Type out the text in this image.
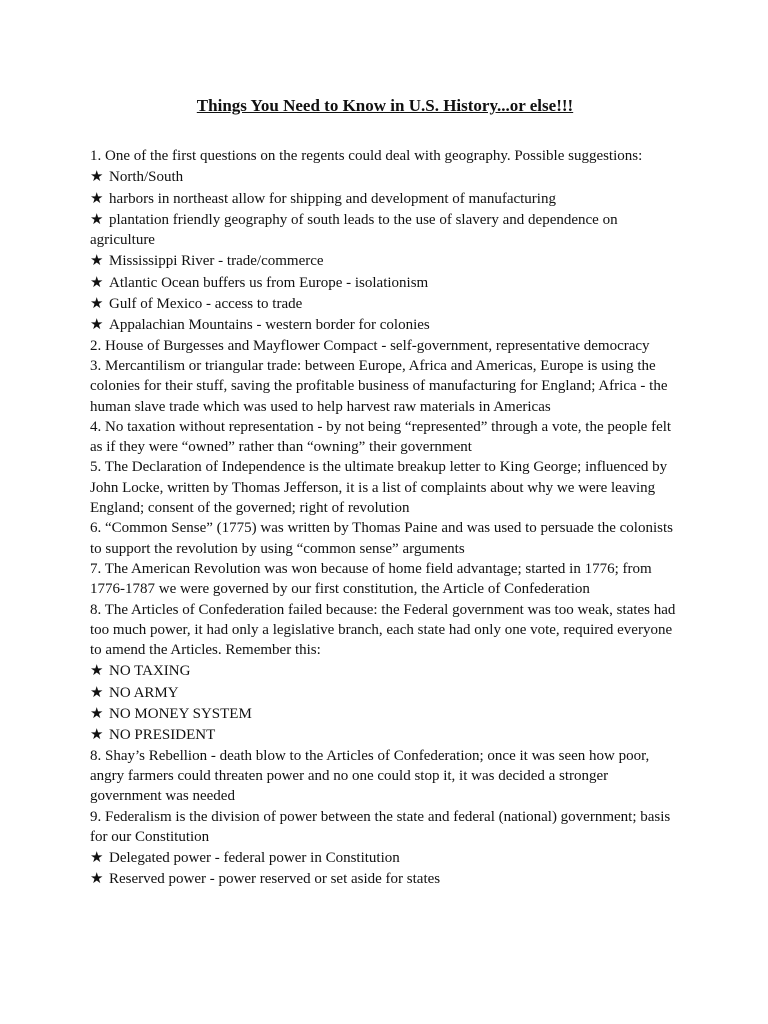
Things You Need to Know in U.S. History...or else!!!

1. One of the first questions on the regents could deal with geography. Possible suggestions:

★ North/South

★ harbors in northeast allow for shipping and development of manufacturing

★ plantation friendly geography of south leads to the use of slavery and dependence on agriculture

★ Mississippi River - trade/commerce

★ Atlantic Ocean buffers us from Europe - isolationism

★ Gulf of Mexico - access to trade

★ Appalachian Mountains - western border for colonies

2. House of Burgesses and Mayflower Compact - self-government, representative democracy

3. Mercantilism or triangular trade: between Europe, Africa and Americas, Europe is using the colonies for their stuff, saving the profitable business of manufacturing for England; Africa - the human slave trade which was used to help harvest raw materials in Americas

4. No taxation without representation - by not being “represented” through a vote, the people felt as if they were “owned” rather than “owning” their government

5. The Declaration of Independence is the ultimate breakup letter to King George; influenced by John Locke, written by Thomas Jefferson, it is a list of complaints about why we were leaving England; consent of the governed; right of revolution

6. “Common Sense” (1775) was written by Thomas Paine and was used to persuade the colonists to support the revolution by using “common sense” arguments

7. The American Revolution was won because of home field advantage; started in 1776; from 1776-1787 we were governed by our first constitution, the Article of Confederation

8. The Articles of Confederation failed because: the Federal government was too weak, states had too much power, it had only a legislative branch, each state had only one vote, required everyone to amend the Articles. Remember this:

★ NO TAXING

★ NO ARMY

★ NO MONEY SYSTEM

★ NO PRESIDENT

8. Shay’s Rebellion - death blow to the Articles of Confederation; once it was seen how poor, angry farmers could threaten power and no one could stop it, it was decided a stronger government was needed

9. Federalism is the division of power between the state and federal (national) government; basis for our Constitution

★ Delegated power - federal power in Constitution

★ Reserved power - power reserved or set aside for states
